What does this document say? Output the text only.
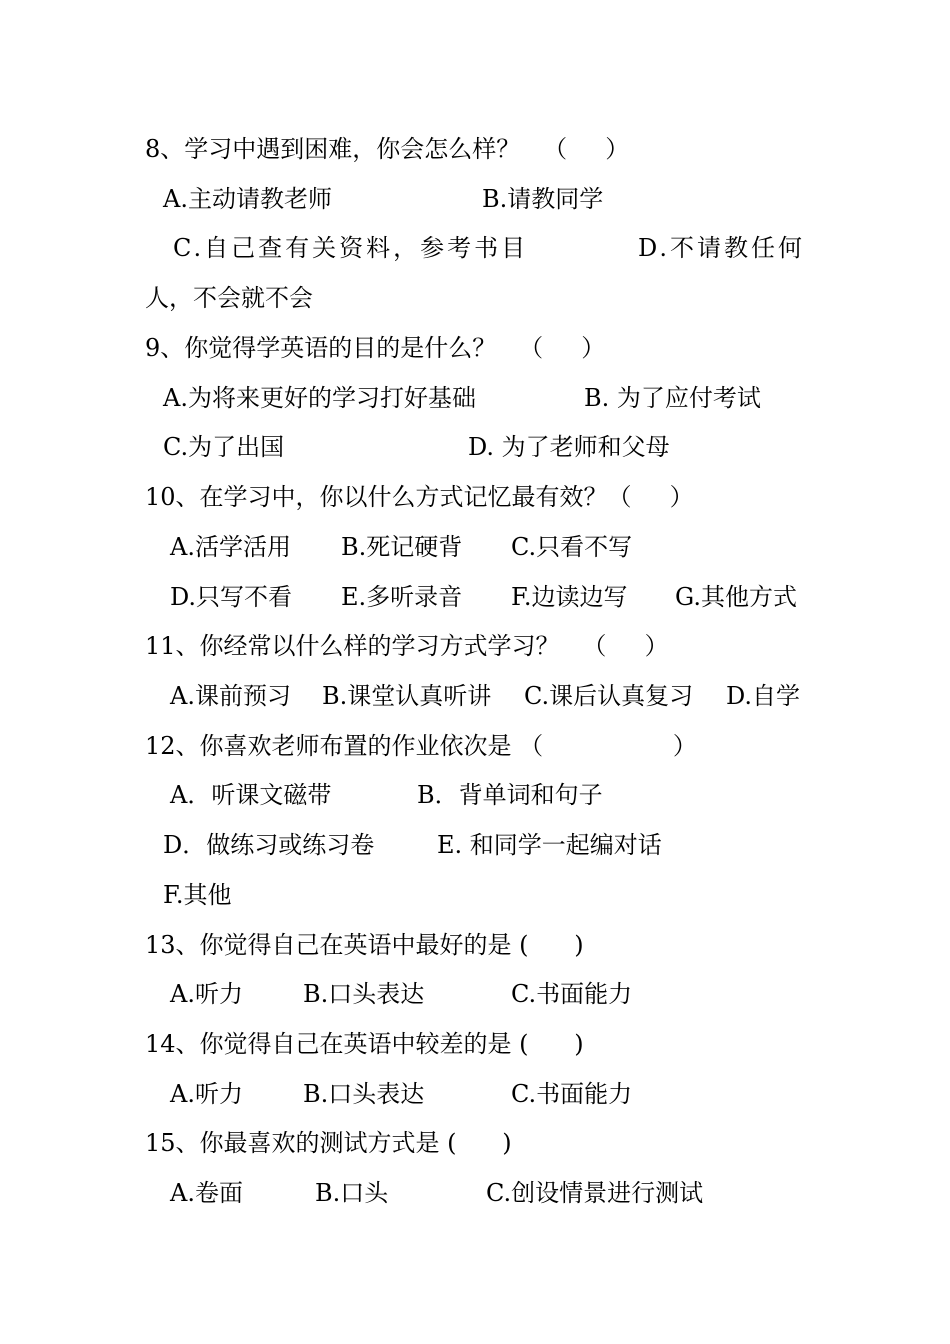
8、学习中遇到困难，你会怎么样？   （     ）
A.主动请教老师	B.请教同学
C.自己查有关资料，参考书目	D.不请教任何
人，不会就不会
9、你觉得学英语的目的是什么？   （     ）
A.为将来更好的学习打好基础	B. 为了应付考试
C.为了出国	D. 为了老师和父母
10、在学习中，你以什么方式记忆最有效？（     ）
A.活学活用 B.死记硬背 C.只看不写
D.只写不看 E.多听录音 F.边读边写 G.其他方式
11、你经常以什么样的学习方式学习？   （     ）
A.课前预习 B.课堂认真听讲 C.课后认真复习 D.自学
12、你喜欢老师布置的作业依次是 （                 ）
A．听课文磁带	B．背单词和句子
D．做练习或练习卷	E. 和同学一起编对话
F.其他
13、你觉得自己在英语中最好的是 (      )
A.听力	B.口头表达	C.书面能力
14、你觉得自己在英语中较差的是 (      )
A.听力	B.口头表达	C.书面能力
15、你最喜欢的测试方式是 (      )
A.卷面	B.口头	C.创设情景进行测试
